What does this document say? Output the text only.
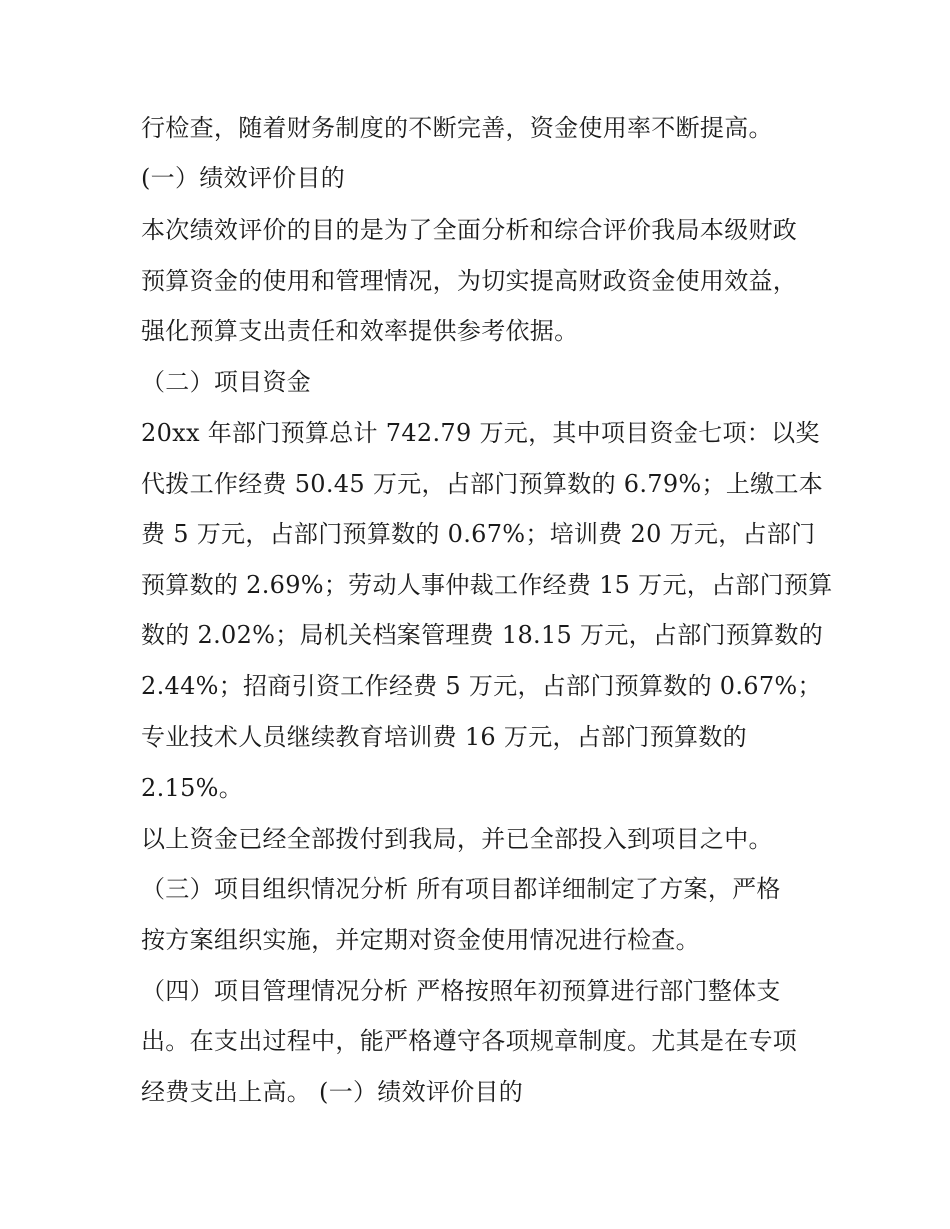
行检查，随着财务制度的不断完善，资金使用率不断提高。

(一）绩效评价目的

本次绩效评价的目的是为了全面分析和综合评价我局本级财政

预算资金的使用和管理情况，为切实提高财政资金使用效益，

强化预算支出责任和效率提供参考依据。

（二）项目资金

20xx 年部门预算总计 742.79 万元，其中项目资金七项：以奖

代拨工作经费 50.45 万元，占部门预算数的 6.79%；上缴工本

费 5 万元，占部门预算数的 0.67%；培训费 20 万元，占部门

预算数的 2.69%；劳动人事仲裁工作经费 15 万元，占部门预算

数的 2.02%；局机关档案管理费 18.15 万元，占部门预算数的

2.44%；招商引资工作经费 5 万元，占部门预算数的 0.67%；

专业技术人员继续教育培训费 16 万元，占部门预算数的

2.15%。

以上资金已经全部拨付到我局，并已全部投入到项目之中。

（三）项目组织情况分析 所有项目都详细制定了方案，严格

按方案组织实施，并定期对资金使用情况进行检查。

（四）项目管理情况分析 严格按照年初预算进行部门整体支

出。在支出过程中，能严格遵守各项规章制度。尤其是在专项

经费支出上高。 (一）绩效评价目的
